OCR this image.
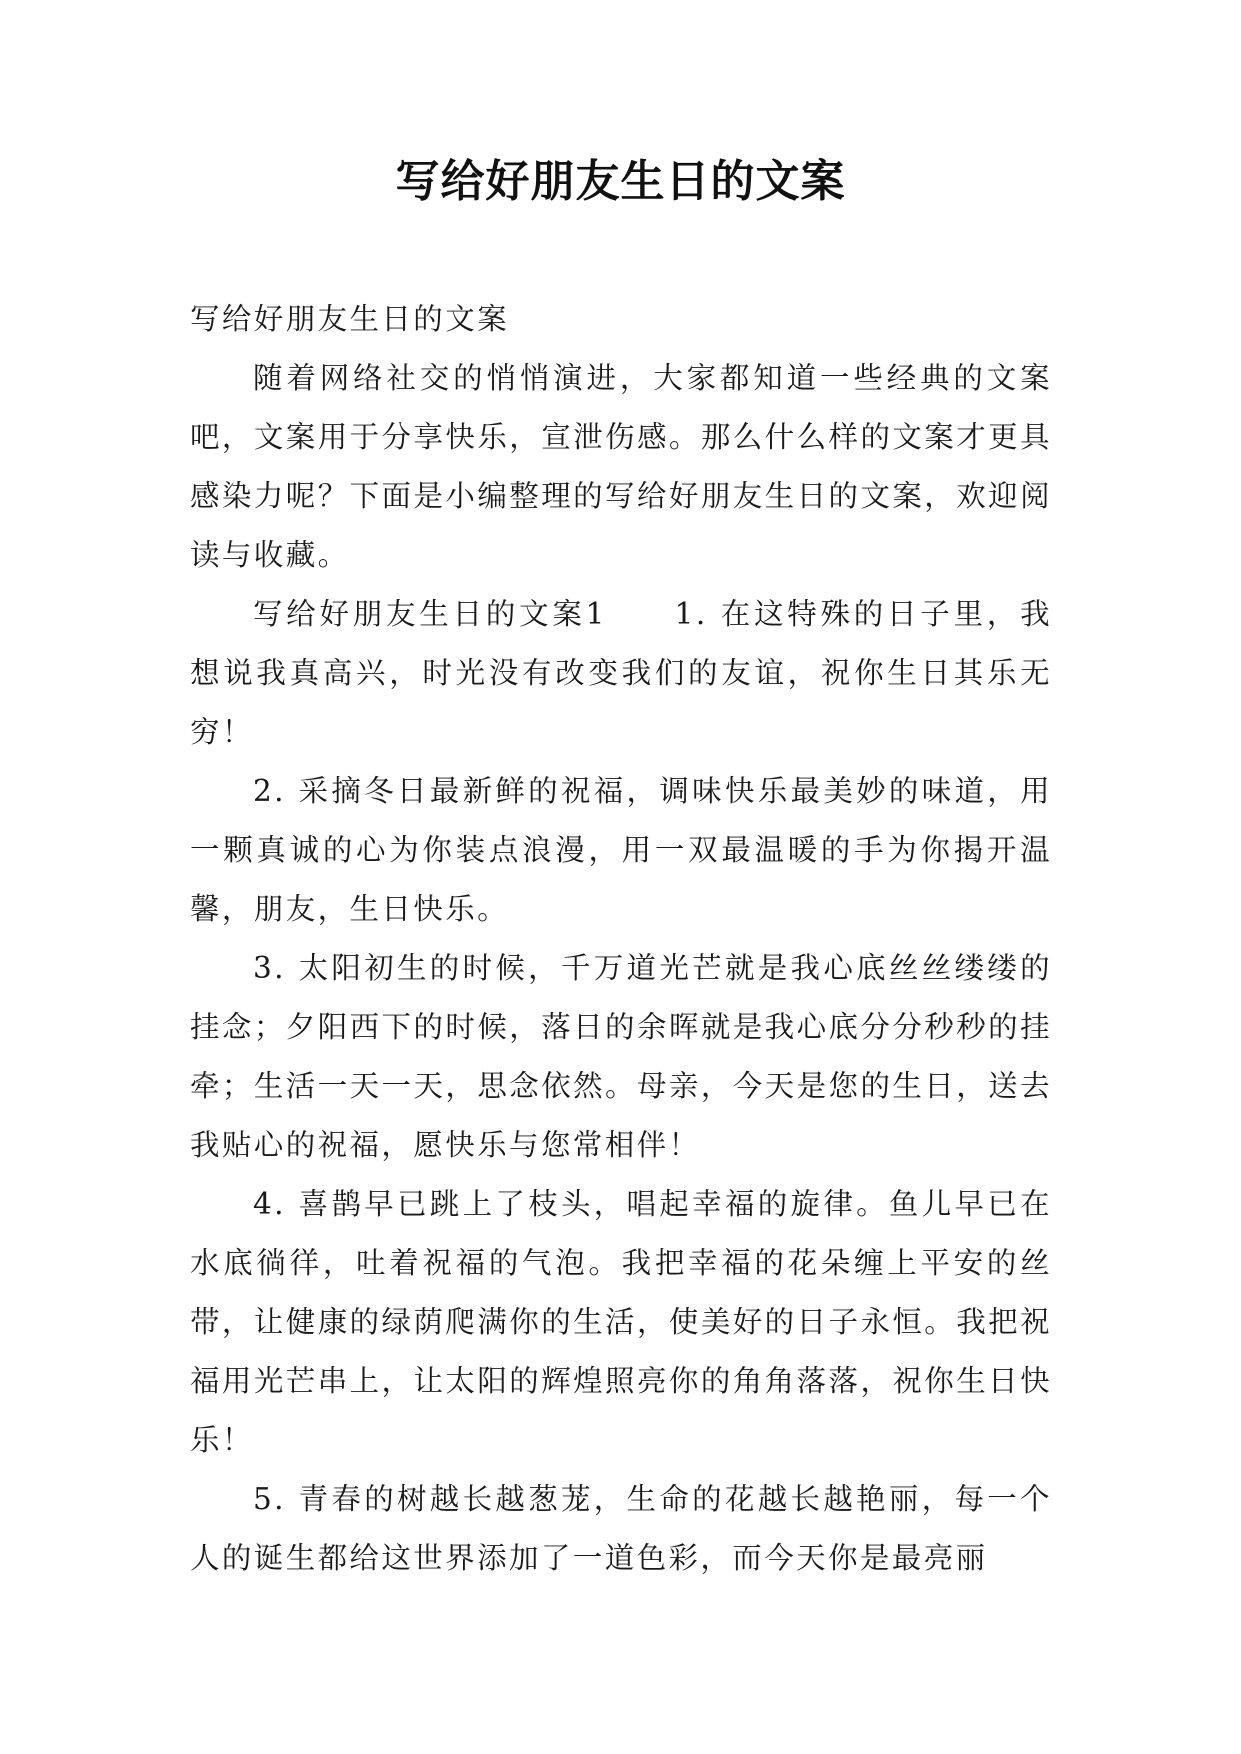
写给好朋友生日的文案

写给好朋友生日的文案

随着网络社交的悄悄演进，大家都知道一些经典的文案吧，文案用于分享快乐，宣泄伤感。那么什么样的文案才更具感染力呢？下面是小编整理的写给好朋友生日的文案，欢迎阅读与收藏。

写给好朋友生日的文案1　　1. 在这特殊的日子里，我想说我真高兴，时光没有改变我们的友谊，祝你生日其乐无穷！

2. 采摘冬日最新鲜的祝福，调味快乐最美妙的味道，用一颗真诚的心为你装点浪漫，用一双最温暖的手为你揭开温馨，朋友，生日快乐。

3. 太阳初生的时候，千万道光芒就是我心底丝丝缕缕的挂念；夕阳西下的时候，落日的余晖就是我心底分分秒秒的挂牵；生活一天一天，思念依然。母亲，今天是您的生日，送去我贴心的祝福，愿快乐与您常相伴！

4. 喜鹊早已跳上了枝头，唱起幸福的旋律。鱼儿早已在水底徜徉，吐着祝福的气泡。我把幸福的花朵缠上平安的丝带，让健康的绿荫爬满你的生活，使美好的日子永恒。我把祝福用光芒串上，让太阳的辉煌照亮你的角角落落，祝你生日快乐！

5. 青春的树越长越葱茏，生命的花越长越艳丽，每一个人的诞生都给这世界添加了一道色彩，而今天你是最亮丽
